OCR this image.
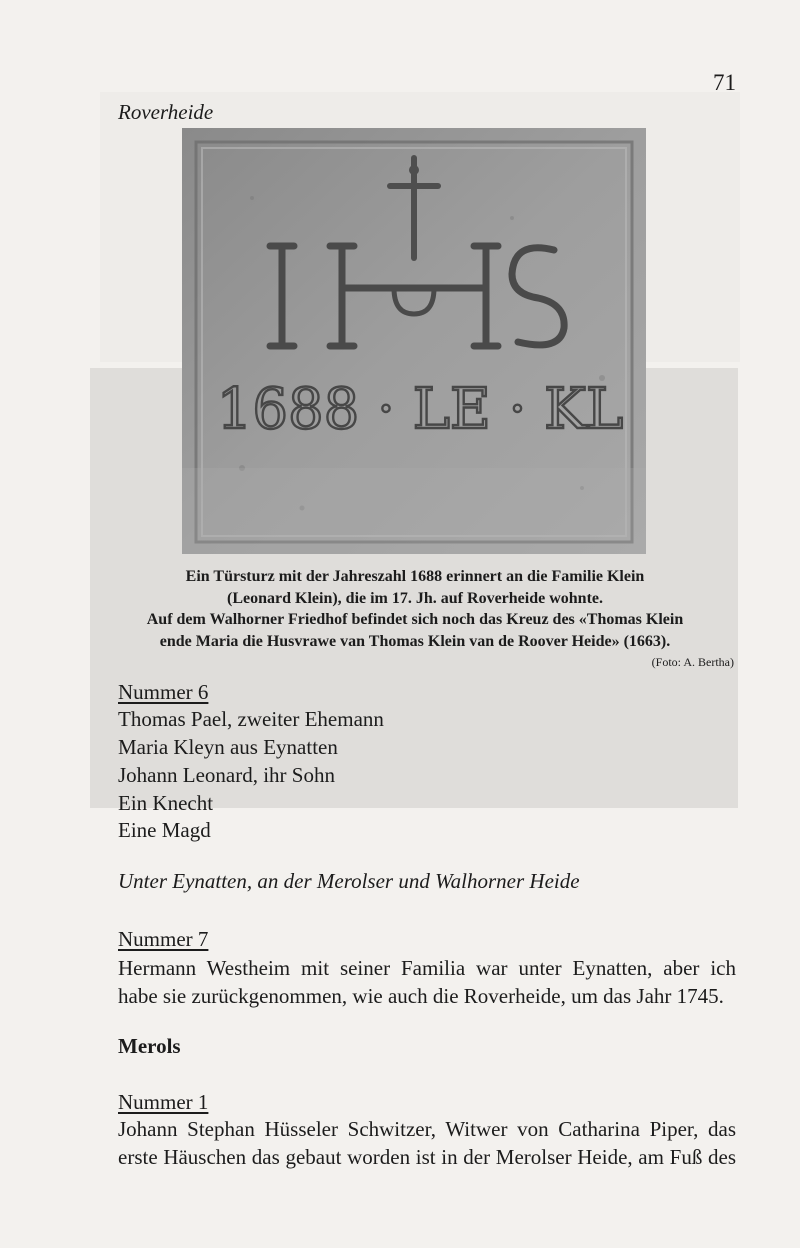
71
Roverheide
1688 · LE · KL
Ein Türsturz mit der Jahreszahl 1688 erinnert an die Familie Klein
(Leonard Klein), die im 17. Jh. auf Roverheide wohnte.
Auf dem Walhorner Friedhof befindet sich noch das Kreuz des «Thomas Klein
ende Maria die Husvrawe van Thomas Klein van de Roover Heide» (1663).
(Foto: A. Bertha)
Nummer 6
Thomas Pael, zweiter Ehemann
Maria Kleyn aus Eynatten
Johann Leonard, ihr Sohn
Ein Knecht
Eine Magd
Unter Eynatten, an der Merolser und Walhorner Heide
Nummer 7
Hermann Westheim mit seiner Familia war unter Eynatten, aber ich
habe sie zurückgenommen, wie auch die Roverheide, um das Jahr 1745.
Merols
Nummer 1
Johann Stephan Hüsseler Schwitzer, Witwer von Catharina Piper, das
erste Häuschen das gebaut worden ist in der Merolser Heide, am Fuß des
